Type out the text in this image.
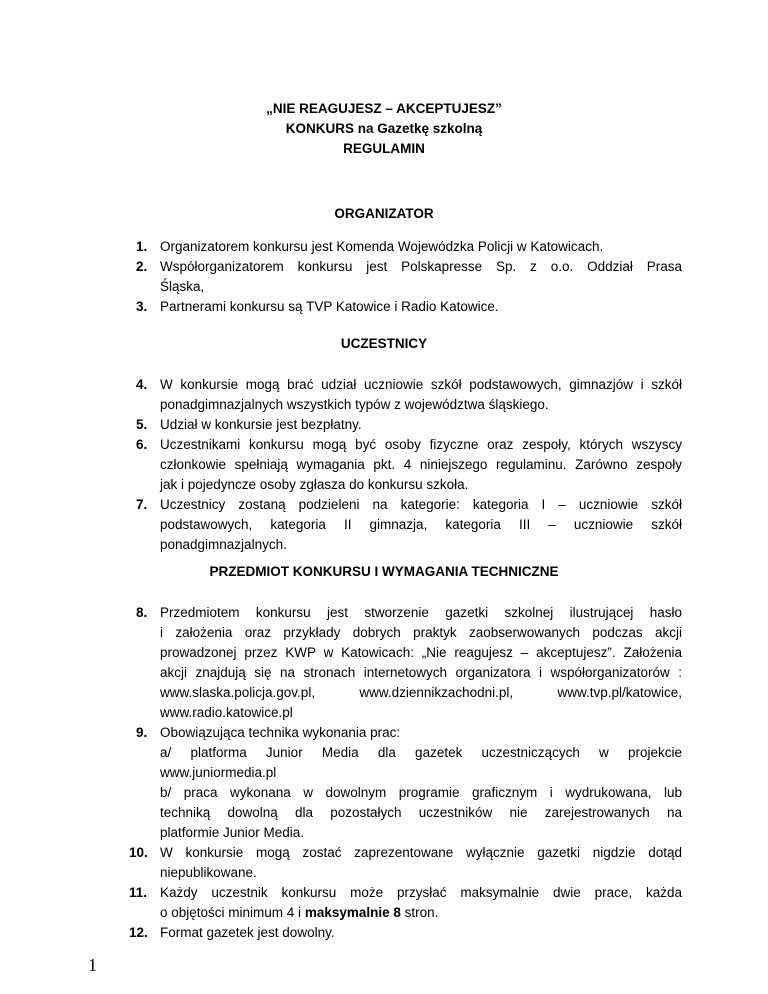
„NIE REAGUJESZ – AKCEPTUJESZ”
KONKURS na Gazetkę szkolną
REGULAMIN
ORGANIZATOR
1. Organizatorem konkursu jest Komenda Wojewódzka Policji w Katowicach.
2. Współorganizatorem konkursu jest Polskapresse Sp. z o.o. Oddział Prasa
Śląska,
3. Partnerami konkursu są TVP Katowice i Radio Katowice.
UCZESTNICY
4. W konkursie mogą brać udział uczniowie szkół podstawowych, gimnazjów i szkół
ponadgimnazjalnych wszystkich typów z województwa śląskiego.
5. Udział w konkursie jest bezpłatny.
6. Uczestnikami konkursu mogą być osoby fizyczne oraz zespoły, których wszyscy
członkowie spełniają wymagania pkt. 4 niniejszego regulaminu. Zarówno zespoły
jak i pojedyncze osoby zgłasza do konkursu szkoła.
7. Uczestnicy zostaną podzieleni na kategorie: kategoria I – uczniowie szkół
podstawowych, kategoria II gimnazja, kategoria III – uczniowie szkół
ponadgimnazjalnych.
PRZEDMIOT KONKURSU I WYMAGANIA TECHNICZNE
8. Przedmiotem konkursu jest stworzenie gazetki szkolnej ilustrującej hasło
i założenia oraz przykłady dobrych praktyk zaobserwowanych podczas akcji
prowadzonej przez KWP w Katowicach: „Nie reagujesz – akceptujesz”. Założenia
akcji znajdują się na stronach internetowych organizatora i współorganizatorów :
www.slaska.policja.gov.pl, www.dziennikzachodni.pl, www.tvp.pl/katowice,
www.radio.katowice.pl
9. Obowiązująca technika wykonania prac:
a/ platforma Junior Media dla gazetek uczestniczących w projekcie
www.juniormedia.pl
b/ praca wykonana w dowolnym programie graficznym i wydrukowana, lub
techniką dowolną dla pozostałych uczestników nie zarejestrowanych na
platformie Junior Media.
10. W konkursie mogą zostać zaprezentowane wyłącznie gazetki nigdzie dotąd
niepublikowane.
11. Każdy uczestnik konkursu może przysłać maksymalnie dwie prace, każda
o objętości minimum 4 i maksymalnie 8 stron.
12. Format gazetek jest dowolny.
1
